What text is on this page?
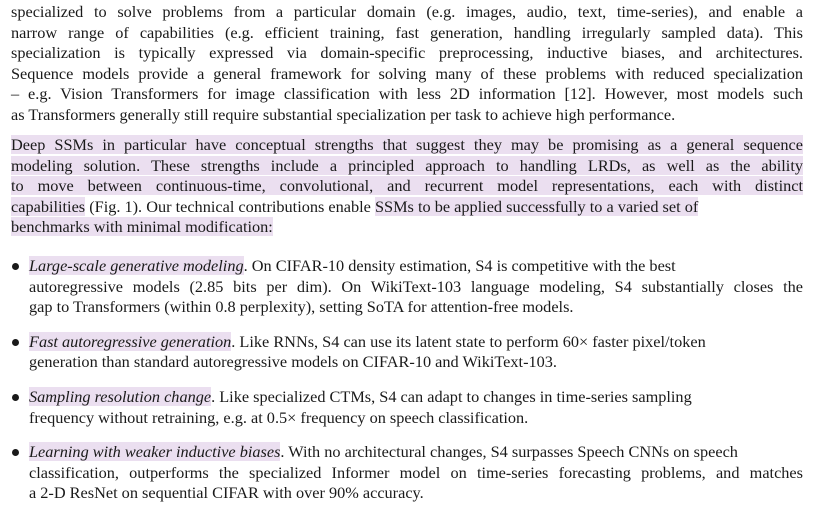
specialized to solve problems from a particular domain (e.g. images, audio, text, time-series), and enable a
narrow range of capabilities (e.g. efficient training, fast generation, handling irregularly sampled data). This
specialization is typically expressed via domain-specific preprocessing, inductive biases, and architectures.
Sequence models provide a general framework for solving many of these problems with reduced specialization
– e.g. Vision Transformers for image classification with less 2D information [12]. However, most models such
as Transformers generally still require substantial specialization per task to achieve high performance.
Deep SSMs in particular have conceptual strengths that suggest they may be promising as a general sequence
modeling solution. These strengths include a principled approach to handling LRDs, as well as the ability
to move between continuous-time, convolutional, and recurrent model representations, each with distinct
capabilities (Fig. 1). Our technical contributions enable SSMs to be applied successfully to a varied set of
benchmarks with minimal modification:
Large-scale generative modeling. On CIFAR-10 density estimation, S4 is competitive with the best
autoregressive models (2.85 bits per dim). On WikiText-103 language modeling, S4 substantially closes the
gap to Transformers (within 0.8 perplexity), setting SoTA for attention-free models.
Fast autoregressive generation. Like RNNs, S4 can use its latent state to perform 60× faster pixel/token
generation than standard autoregressive models on CIFAR-10 and WikiText-103.
Sampling resolution change. Like specialized CTMs, S4 can adapt to changes in time-series sampling
frequency without retraining, e.g. at 0.5× frequency on speech classification.
Learning with weaker inductive biases. With no architectural changes, S4 surpasses Speech CNNs on speech
classification, outperforms the specialized Informer model on time-series forecasting problems, and matches
a 2-D ResNet on sequential CIFAR with over 90% accuracy.
